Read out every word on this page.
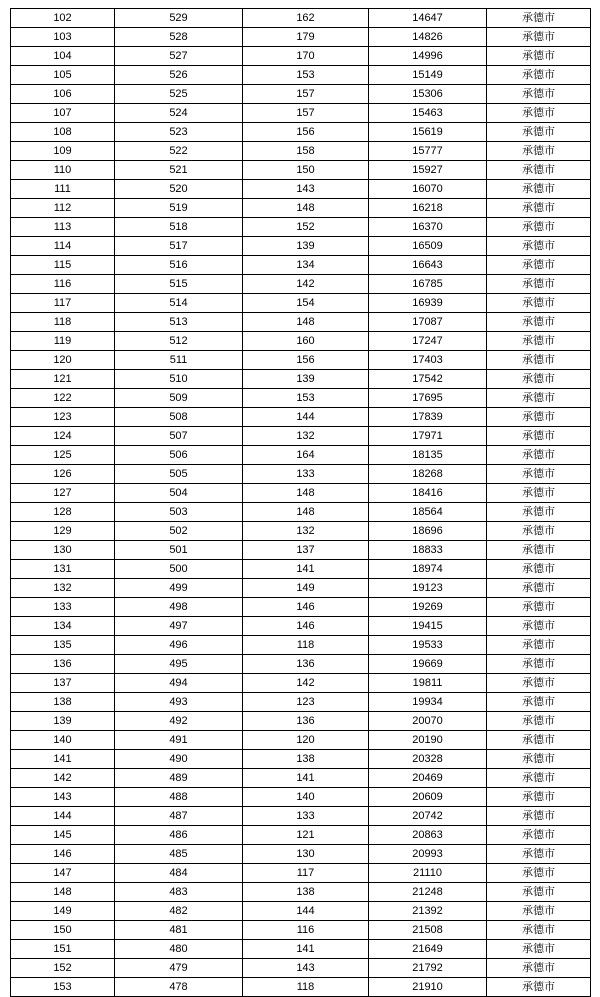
102	529	162	14647	承德市
103	528	179	14826	承德市
104	527	170	14996	承德市
105	526	153	15149	承德市
106	525	157	15306	承德市
107	524	157	15463	承德市
108	523	156	15619	承德市
109	522	158	15777	承德市
110	521	150	15927	承德市
111	520	143	16070	承德市
112	519	148	16218	承德市
113	518	152	16370	承德市
114	517	139	16509	承德市
115	516	134	16643	承德市
116	515	142	16785	承德市
117	514	154	16939	承德市
118	513	148	17087	承德市
119	512	160	17247	承德市
120	511	156	17403	承德市
121	510	139	17542	承德市
122	509	153	17695	承德市
123	508	144	17839	承德市
124	507	132	17971	承德市
125	506	164	18135	承德市
126	505	133	18268	承德市
127	504	148	18416	承德市
128	503	148	18564	承德市
129	502	132	18696	承德市
130	501	137	18833	承德市
131	500	141	18974	承德市
132	499	149	19123	承德市
133	498	146	19269	承德市
134	497	146	19415	承德市
135	496	118	19533	承德市
136	495	136	19669	承德市
137	494	142	19811	承德市
138	493	123	19934	承德市
139	492	136	20070	承德市
140	491	120	20190	承德市
141	490	138	20328	承德市
142	489	141	20469	承德市
143	488	140	20609	承德市
144	487	133	20742	承德市
145	486	121	20863	承德市
146	485	130	20993	承德市
147	484	117	21110	承德市
148	483	138	21248	承德市
149	482	144	21392	承德市
150	481	116	21508	承德市
151	480	141	21649	承德市
152	479	143	21792	承德市
153	478	118	21910	承德市
